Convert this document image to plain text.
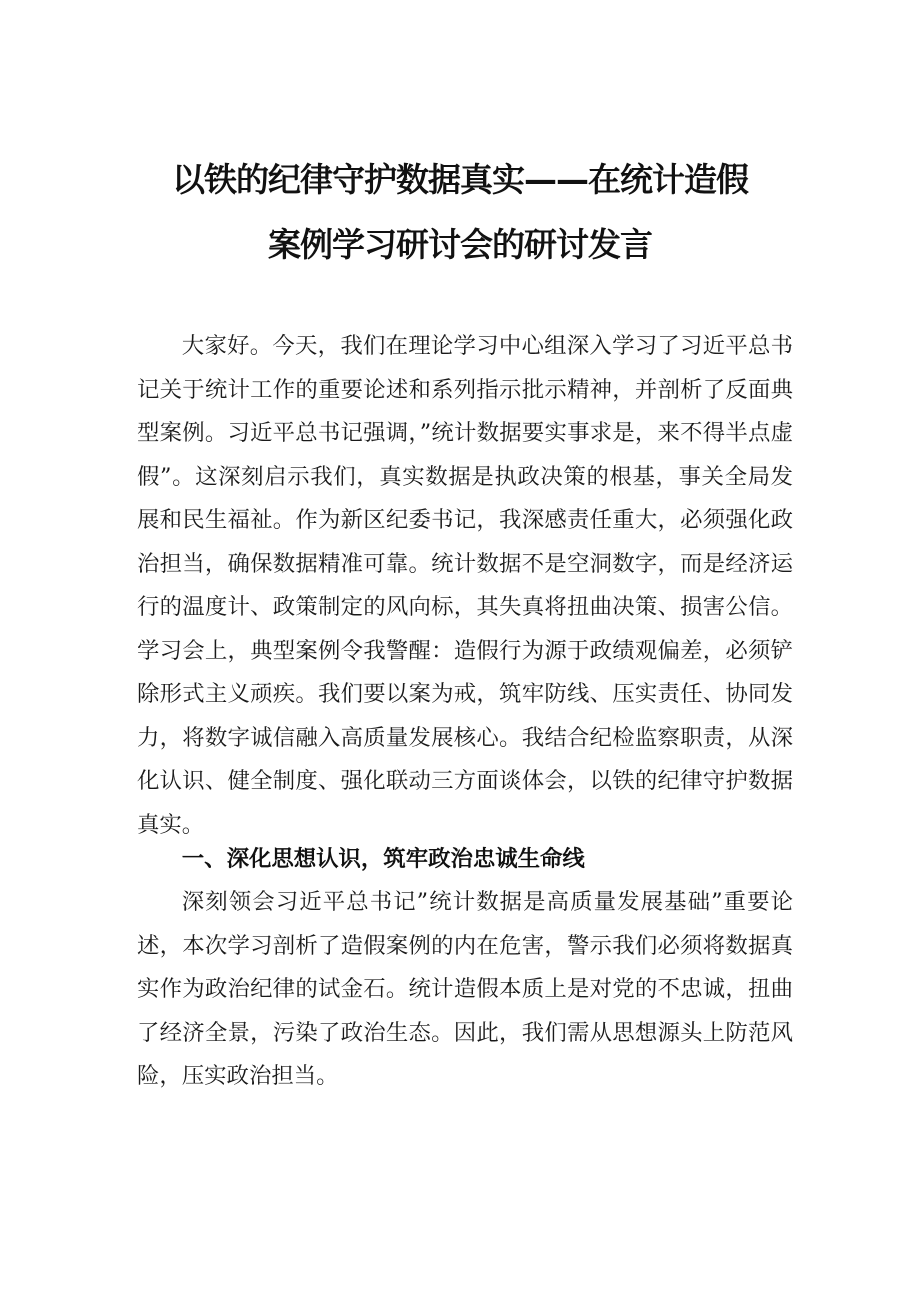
以铁的纪律守护数据真实——在统计造假
案例学习研讨会的研讨发言

大家好。今天，我们在理论学习中心组深入学习了习近平总书记关于统计工作的重要论述和系列指示批示精神，并剖析了反面典型案例。习近平总书记强调，”统计数据要实事求是，来不得半点虚假”。这深刻启示我们，真实数据是执政决策的根基，事关全局发展和民生福祉。作为新区纪委书记，我深感责任重大，必须强化政治担当，确保数据精准可靠。统计数据不是空洞数字，而是经济运行的温度计、政策制定的风向标，其失真将扭曲决策、损害公信。学习会上，典型案例令我警醒：造假行为源于政绩观偏差，必须铲除形式主义顽疾。我们要以案为戒，筑牢防线、压实责任、协同发力，将数字诚信融入高质量发展核心。我结合纪检监察职责，从深化认识、健全制度、强化联动三方面谈体会，以铁的纪律守护数据真实。

一、深化思想认识，筑牢政治忠诚生命线

深刻领会习近平总书记”统计数据是高质量发展基础”重要论述，本次学习剖析了造假案例的内在危害，警示我们必须将数据真实作为政治纪律的试金石。统计造假本质上是对党的不忠诚，扭曲了经济全景，污染了政治生态。因此，我们需从思想源头上防范风险，压实政治担当。
